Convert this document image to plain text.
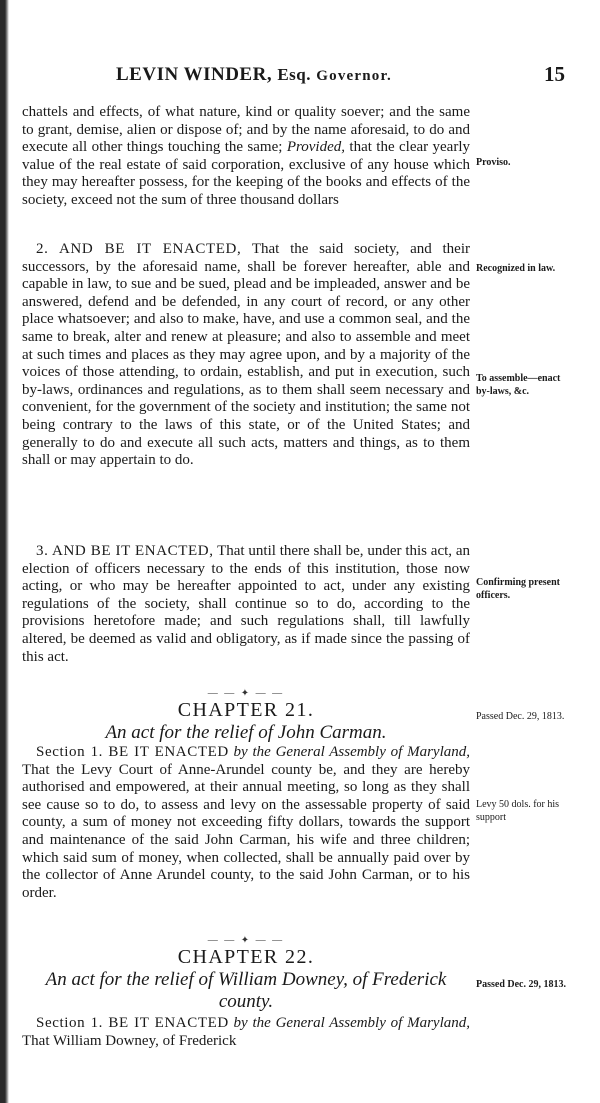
LEVIN WINDER, Esq. Governor.	15

chattels and effects, of what nature, kind or quality soever; and the same to grant, demise, alien or dispose of; and by the name aforesaid, to do and execute all other things touching the same; Provided, that the clear yearly value of the real estate of said corporation, exclusive of any house which they may hereafter possess, for the keeping of the books and effects of the society, exceed not the sum of three thousand dollars

2. AND BE IT ENACTED, That the said society, and their successors, by the aforesaid name, shall be forever hereafter, able and capable in law, to sue and be sued, plead and be impleaded, answer and be answered, defend and be defended, in any court of record, or any other place whatsoever; and also to make, have, and use a common seal, and the same to break, alter and renew at pleasure; and also to assemble and meet at such times and places as they may agree upon, and by a majority of the voices of those attending, to ordain, establish, and put in execution, such by-laws, ordinances and regulations, as to them shall seem necessary and convenient, for the government of the society and institution; the same not being contrary to the laws of this state, or of the United States; and generally to do and execute all such acts, matters and things, as to them shall or may appertain to do.

3. AND BE IT ENACTED, That until there shall be, under this act, an election of officers necessary to the ends of this institution, those now acting, or who may be hereafter appointed to act, under any existing regulations of the society, shall continue so to do, according to the provisions heretofore made; and such regulations shall, till lawfully altered, be deemed as valid and obligatory, as if made since the passing of this act.

— — ✦ — —
CHAPTER 21.
An act for the relief of John Carman.

Section 1. BE IT ENACTED by the General Assembly of Maryland, That the Levy Court of Anne-Arundel county be, and they are hereby authorised and empowered, at their annual meeting, so long as they shall see cause so to do, to assess and levy on the assessable property of said county, a sum of money not exceeding fifty dollars, towards the support and maintenance of the said John Carman, his wife and three children; which said sum of money, when collected, shall be annually paid over by the collector of Anne Arundel county, to the said John Carman, or to his order.

— — ✦ — —
CHAPTER 22.
An act for the relief of William Downey, of Frederick county.

Section 1. BE IT ENACTED by the General Assembly of Maryland, That William Downey, of Frederick

Proviso.
Recognized in law.
To assemble—enact by-laws, &c.
Confirming present officers.
Passed Dec. 29, 1813.
Levy 50 dols. for his support
Passed Dec. 29, 1813.
